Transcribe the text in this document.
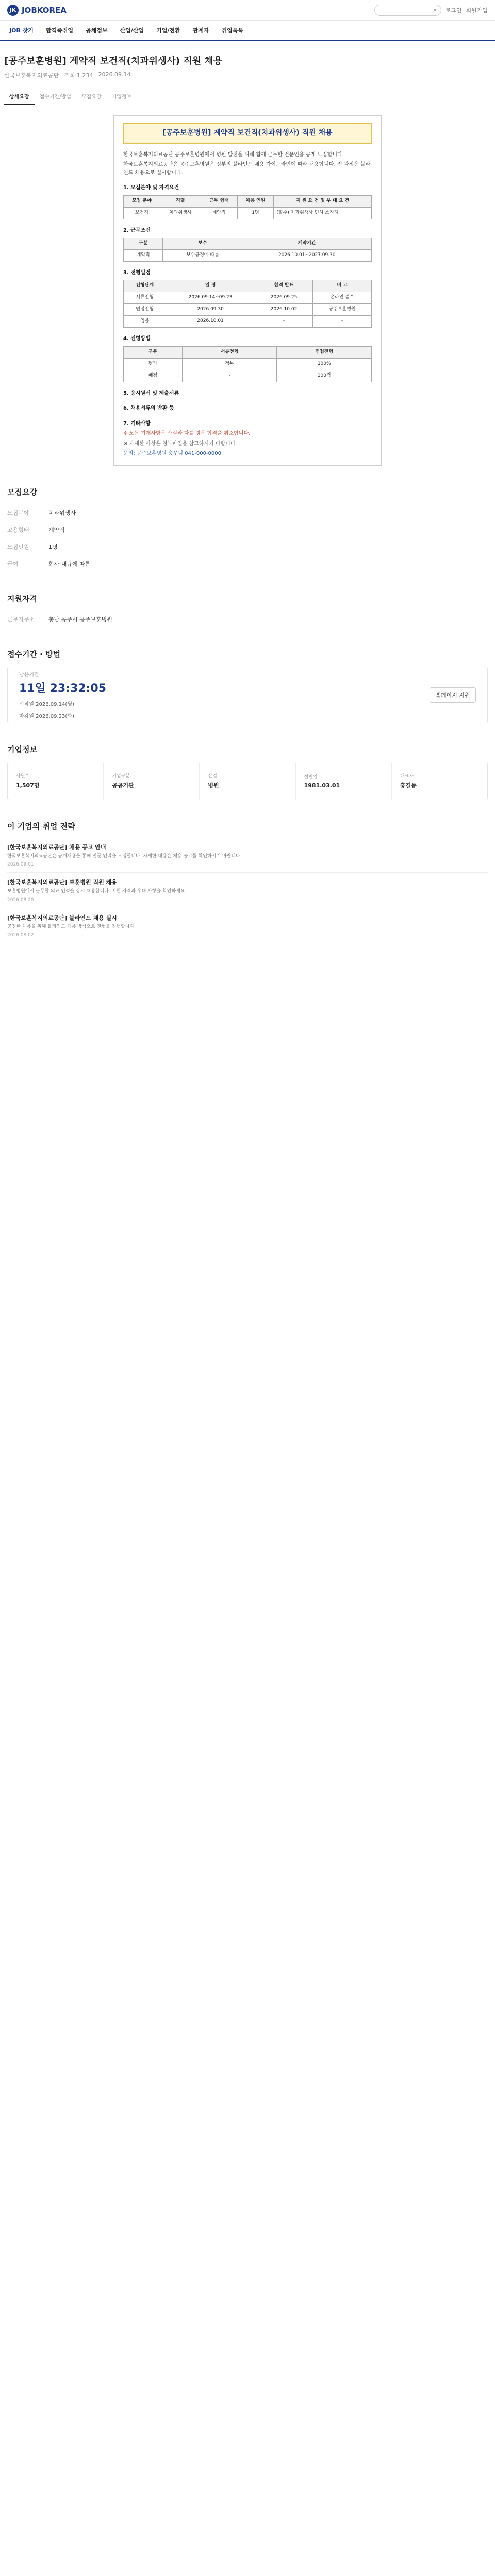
JK JOBKOREA	⌕ 로그인 회원가입
JOB 찾기	합격족취업	공채정보	산업/산업	기업/전환	관계자	취업톡톡
[공주보훈병원] 계약직 보건직(치과위생사) 직원 채용
한국보훈복지의료공단 조회 1,234 2026.09.14
상세요강	접수기간/방법	모집요강	기업정보
[공주보훈병원] 계약직 보건직(치과위생사) 직원 채용

한국보훈복지의료공단 공주보훈병원에서 병원 발전을 위해 함께 근무할 전문인을 공개 모집합니다.

한국보훈복지의료공단은 공주보훈병원은 정부의 블라인드 채용 가이드라인에 따라 채용합니다. 전 과정은 블라인드 채용으로 실시합니다.

1. 모집분야 및 자격요건
모집 분야	직렬	근무 형태	채용 인원	지 원 요 건 및 우 대 요 건
보건직	치과위생사	계약직	1명	(필수) 치과위생사 면허 소지자
2. 근무조건
구분	보수	계약기간
계약직	보수규정에 따름	2026.10.01~2027.09.30
3. 전형일정
전형단계	일 정	합격 발표	비 고
서류전형	2026.09.14~09.23	2026.09.25	온라인 접수
면접전형	2026.09.30	2026.10.02	공주보훈병원
임용	2026.10.01	-	-
4. 전형방법
구분	서류전형	면접전형
평가	적부	100%
배점	-	100점
5. 응시원서 및 제출서류
6. 채용서류의 반환 등
7. 기타사항

※ 모든 기재사항은 사실과 다를 경우 합격을 취소합니다.

※ 자세한 사항은 첨부파일을 참고하시기 바랍니다.

문의: 공주보훈병원 총무팀 041-000-0000

모집요강
모집분야	치과위생사
고용형태	계약직
모집인원	1명
급여	회사 내규에 따름
지원자격
근무지주소	충남 공주시 공주보훈병원
접수기간 · 방법
남은기간
11일 23:32:05
시작일 2026.09.14(월)
마감일 2026.09.23(화)
홈페이지 지원
기업정보
사원수
1,507명
기업구분
공공기관
산업
병원
설립일
1981.03.01
대표자
홍길동
이 기업의 취업 전략
[한국보훈복지의료공단] 채용 공고 안내
한국보훈복지의료공단은 공개채용을 통해 전문 인력을 모집합니다. 자세한 내용은 채용 공고를 확인하시기 바랍니다.
2026.09.01
[한국보훈복지의료공단] 보훈병원 직원 채용
보훈병원에서 근무할 의료 인력을 상시 채용합니다. 지원 자격과 우대 사항을 확인하세요.
2026.08.20
[한국보훈복지의료공단] 블라인드 채용 실시
공정한 채용을 위해 블라인드 채용 방식으로 전형을 진행합니다.
2026.08.02
